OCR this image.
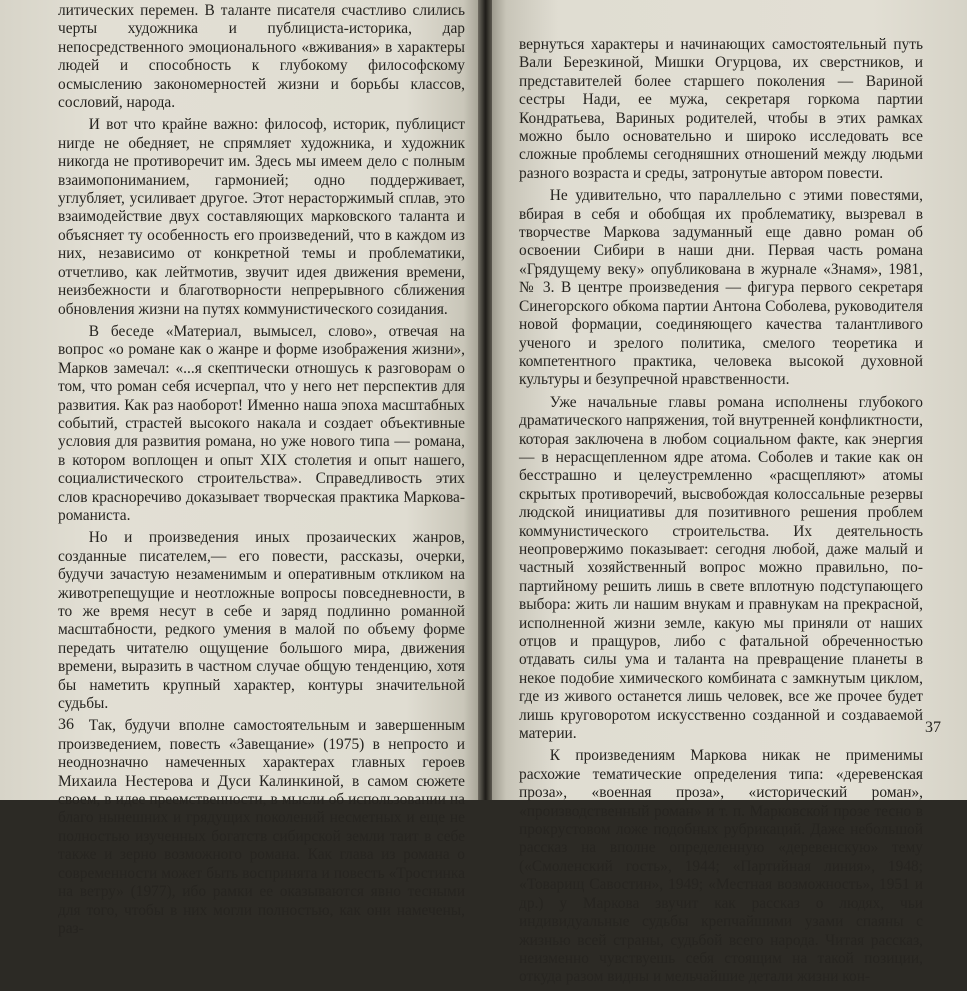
литических перемен. В таланте писателя счастливо слились черты художника и публициста-историка, дар непосредственного эмоционального «вживания» в характеры людей и способность к глубокому философскому осмыслению закономерностей жизни и борьбы классов, сословий, народа.

И вот что крайне важно: философ, историк, публицист нигде не обедняет, не спрямляет художника, и художник никогда не противоречит им. Здесь мы имеем дело с полным взаимопониманием, гармонией; одно поддерживает, углубляет, усиливает другое. Этот нерасторжимый сплав, это взаимодействие двух составляющих марковского таланта и объясняет ту особенность его произведений, что в каждом из них, независимо от конкретной темы и проблематики, отчетливо, как лейтмотив, звучит идея движения времени, неизбежности и благотворности непрерывного сближения обновления жизни на путях коммунистического созидания.

В беседе «Материал, вымысел, слово», отвечая на вопрос «о романе как о жанре и форме изображения жизни», Марков замечал: «...я скептически отношусь к разговорам о том, что роман себя исчерпал, что у него нет перспектив для развития. Как раз наоборот! Именно наша эпоха масштабных событий, страстей высокого накала и создает объективные условия для развития романа, но уже нового типа — романа, в котором воплощен и опыт XIX столетия и опыт нашего, социалистического строительства». Справедливость этих слов красноречиво доказывает творческая практика Маркова-романиста.

Но и произведения иных прозаических жанров, созданные писателем,— его повести, рассказы, очерки, будучи зачастую незаменимым и оперативным откликом на животрепещущие и неотложные вопросы повседневности, в то же время несут в себе и заряд подлинно романной масштабности, редкого умения в малой по объему форме передать читателю ощущение большого мира, движения времени, выразить в частном случае общую тенденцию, хотя бы наметить крупный характер, контуры значительной судьбы.

Так, будучи вполне самостоятельным и завершенным произведением, повесть «Завещание» (1975) в непросто и неоднозначно намеченных характерах главных героев Михаила Нестерова и Дуси Калинкиной, в самом сюжете своем, в идее преемственности, в мысли об использовании на благо нынешних и грядущих поколений несметных и еще не полностью изученных богатств сибирской земли таит в себе также и зерно возможного романа. Как глава из романа о современности может быть воспринята и повесть «Тростинка на ветру» (1977), ибо рамки ее оказываются явно тесными для того, чтобы в них могли полностью, как они намечены, раз-

36

вернуться характеры и начинающих самостоятельный путь Вали Березкиной, Мишки Огурцова, их сверстников, и представителей более старшего поколения — Вариной сестры Нади, ее мужа, секретаря горкома партии Кондратьева, Вариных родителей, чтобы в этих рамках можно было основательно и широко исследовать все сложные проблемы сегодняшних отношений между людьми разного возраста и среды, затронутые автором повести.

Не удивительно, что параллельно с этими повестями, вбирая в себя и обобщая их проблематику, вызревал в творчестве Маркова задуманный еще давно роман об освоении Сибири в наши дни. Первая часть романа «Грядущему веку» опубликована в журнале «Знамя», 1981, № 3. В центре произведения — фигура первого секретаря Синегорского обкома партии Антона Соболева, руководителя новой формации, соединяющего качества талантливого ученого и зрелого политика, смелого теоретика и компетентного практика, человека высокой духовной культуры и безупречной нравственности.

Уже начальные главы романа исполнены глубокого драматического напряжения, той внутренней конфликтности, которая заключена в любом социальном факте, как энергия — в нерасщепленном ядре атома. Соболев и такие как он бесстрашно и целеустремленно «расщепляют» атомы скрытых противоречий, высвобождая колоссальные резервы людской инициативы для позитивного решения проблем коммунистического строительства. Их деятельность неопровержимо показывает: сегодня любой, даже малый и частный хозяйственный вопрос можно правильно, по-партийному решить лишь в свете вплотную подступающего выбора: жить ли нашим внукам и правнукам на прекрасной, исполненной жизни земле, какую мы приняли от наших отцов и пращуров, либо с фатальной обреченностью отдавать силы ума и таланта на превращение планеты в некое подобие химического комбината с замкнутым циклом, где из живого останется лишь человек, все же прочее будет лишь круговоротом искусственно созданной и создаваемой материи.

К произведениям Маркова никак не применимы расхожие тематические определения типа: «деревенская проза», «военная проза», «исторический роман», «производственный роман» и т. п. Марковской прозе тесно в прокрустовом ложе подобных рубрикаций. Даже небольшой рассказ на вполне определенную «деревенскую» тему («Смоленский гость», 1944; «Партийная линия», 1948; «Товарищ Савостин», 1949; «Местная возможность», 1951 и др.) у Маркова звучит как рассказ о людях, чьи индивидуальные судьбы крепчайшими узами спаяны с жизнью всей страны, судьбой всего народа. Читая рассказ, неизменно чувствуешь себя стоящим на такой позиции, откуда разом видны и мельчайшие детали жизни кон-

37
